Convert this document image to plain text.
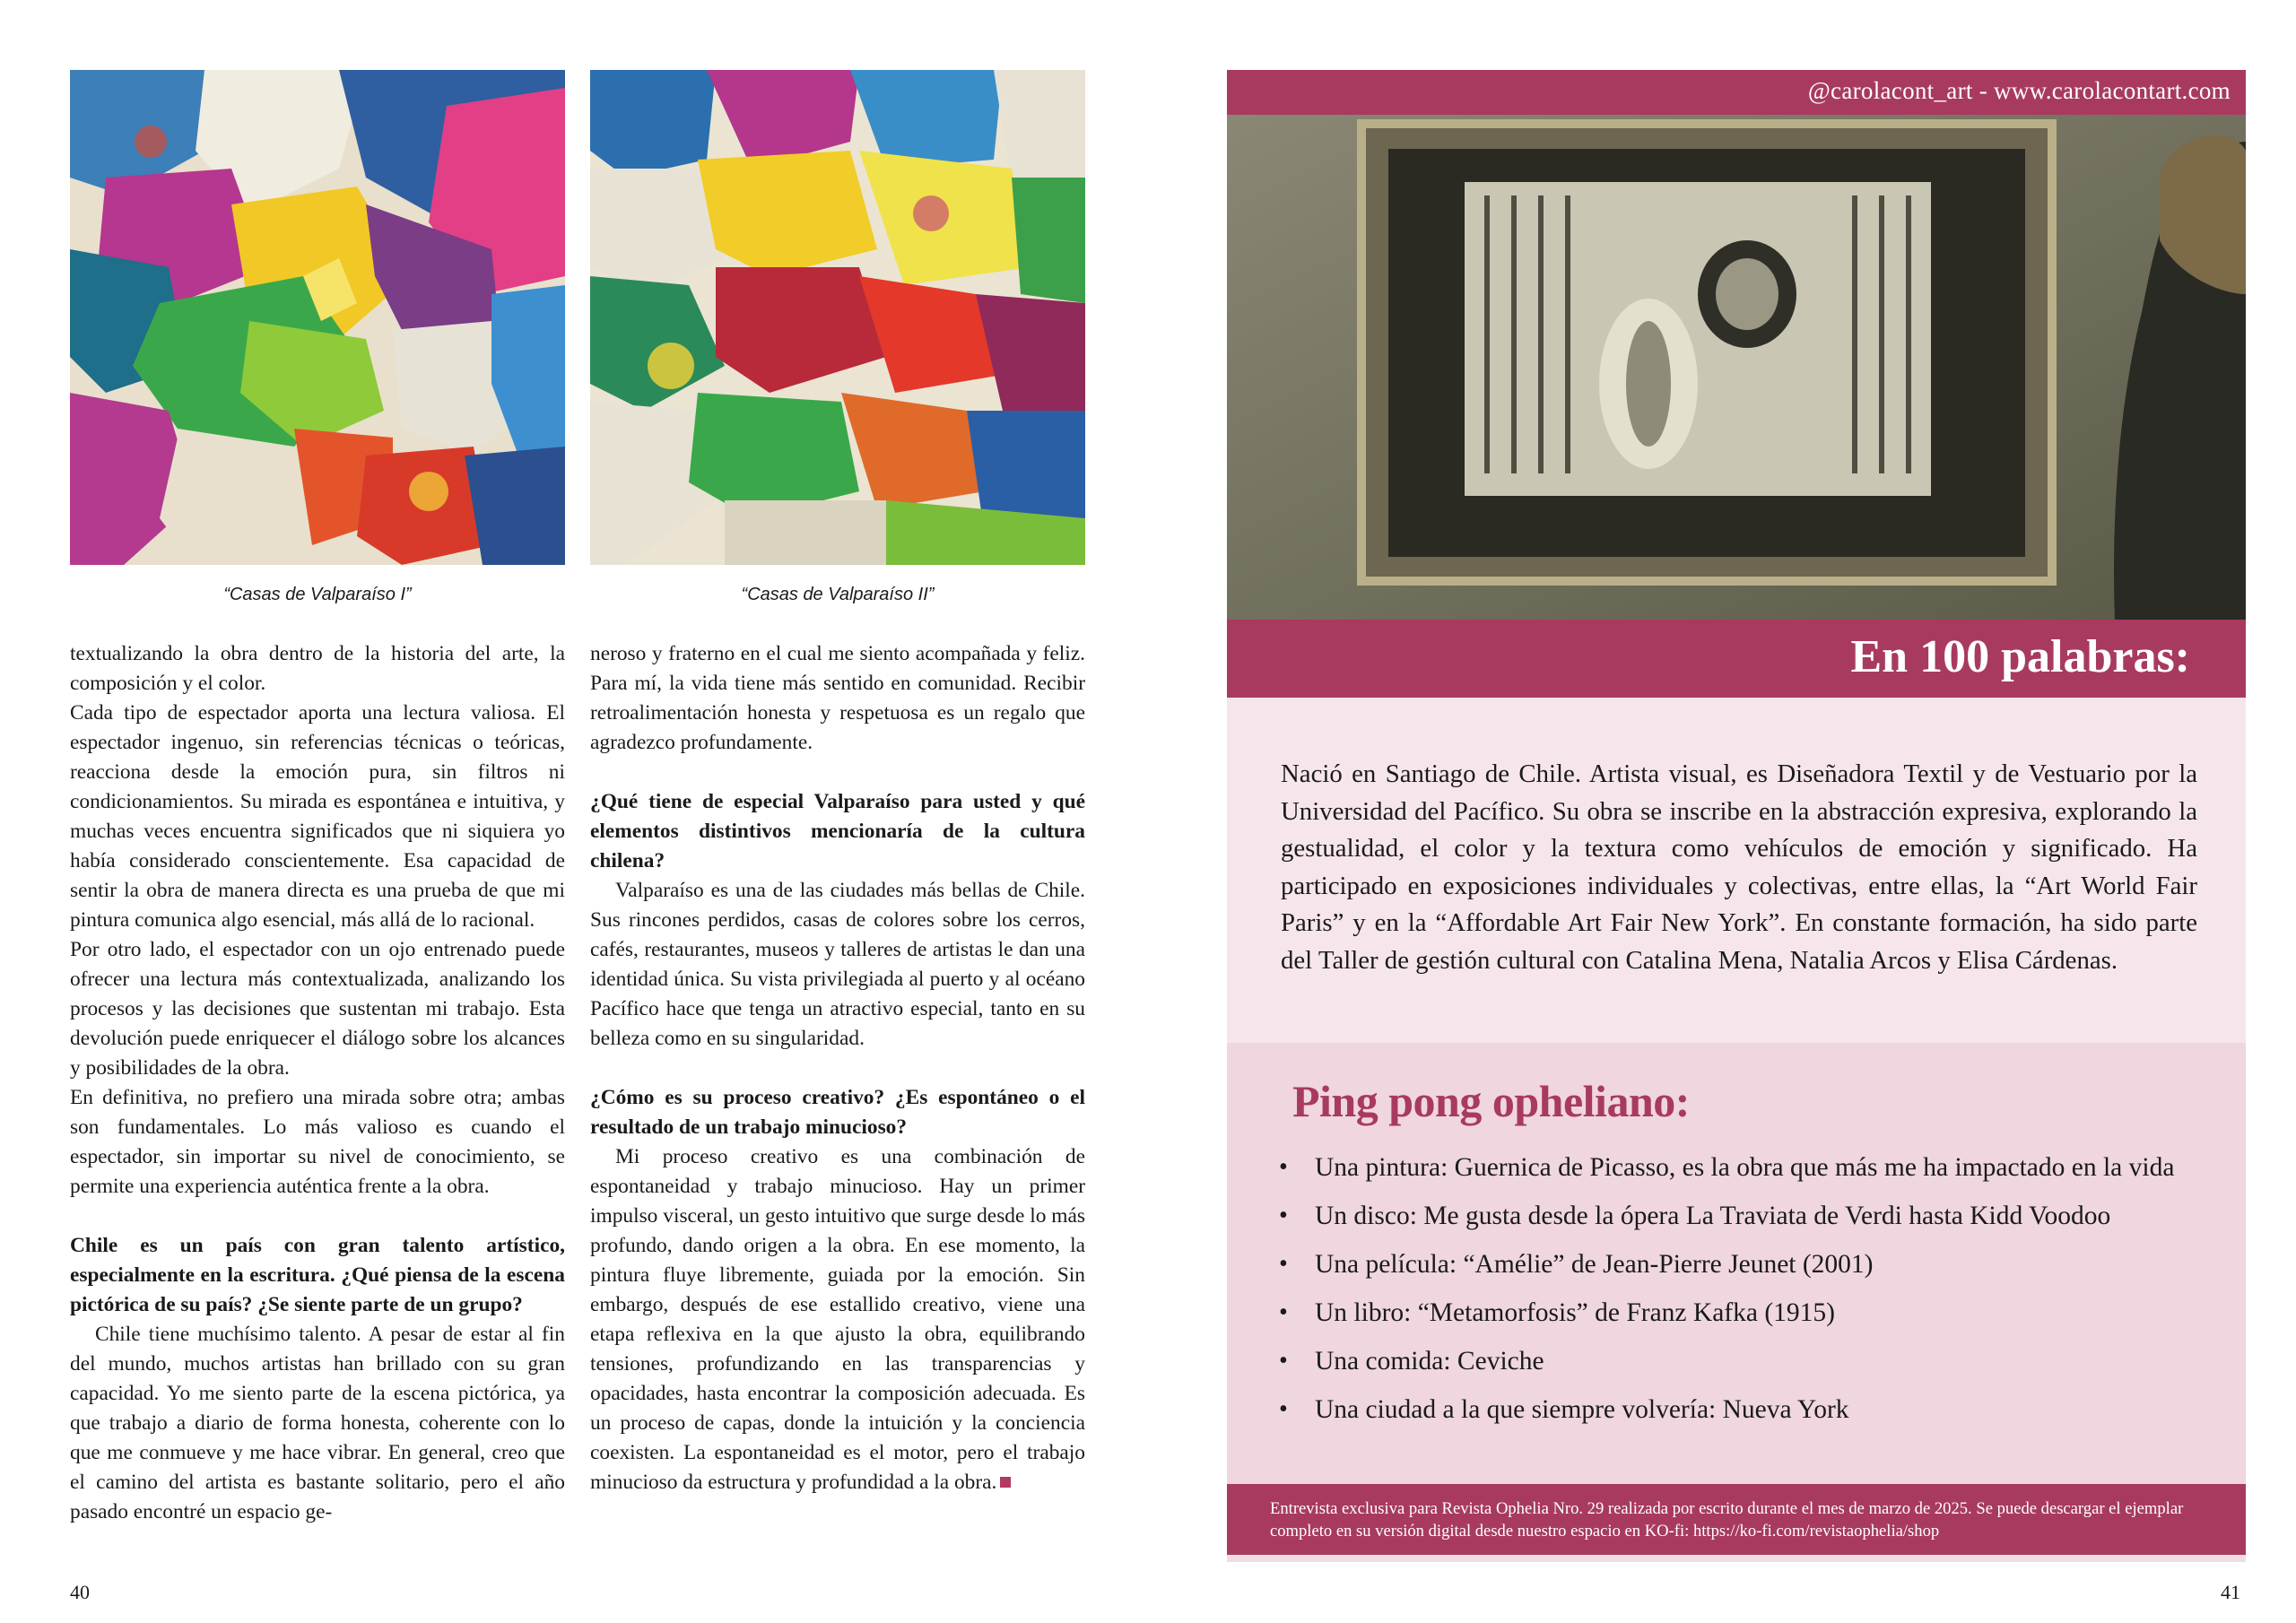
“Casas de Valparaíso I”	“Casas de Valparaíso II”

textualizando la obra dentro de la historia del arte, la composición y el color.

Cada tipo de espectador aporta una lectura valiosa. El espectador ingenuo, sin referencias técnicas o teóricas, reacciona desde la emoción pura, sin filtros ni condicionamientos. Su mirada es espontánea e intuitiva, y muchas veces encuentra significados que ni siquiera yo había considerado conscientemente. Esa capacidad de sentir la obra de manera directa es una prueba de que mi pintura comunica algo esencial, más allá de lo racional.

Por otro lado, el espectador con un ojo entrenado puede ofrecer una lectura más contextualizada, analizando los procesos y las decisiones que sustentan mi trabajo. Esta devolución puede enriquecer el diálogo sobre los alcances y posibilidades de la obra.

En definitiva, no prefiero una mirada sobre otra; ambas son fundamentales. Lo más valioso es cuando el espectador, sin importar su nivel de conocimiento, se permite una experiencia auténtica frente a la obra.

Chile es un país con gran talento artístico, especialmente en la escritura. ¿Qué piensa de la escena pictórica de su país? ¿Se siente parte de un grupo?

Chile tiene muchísimo talento. A pesar de estar al fin del mundo, muchos artistas han brillado con su gran capacidad. Yo me siento parte de la escena pictórica, ya que trabajo a diario de forma honesta, coherente con lo que me conmueve y me hace vibrar. En general, creo que el camino del artista es bastante solitario, pero el año pasado encontré un espacio ge-

neroso y fraterno en el cual me siento acompañada y feliz. Para mí, la vida tiene más sentido en comunidad. Recibir retroalimentación honesta y respetuosa es un regalo que agradezco profundamente.

¿Qué tiene de especial Valparaíso para usted y qué elementos distintivos mencionaría de la cultura chilena?

Valparaíso es una de las ciudades más bellas de Chile. Sus rincones perdidos, casas de colores sobre los cerros, cafés, restaurantes, museos y talleres de artistas le dan una identidad única. Su vista privilegiada al puerto y al océano Pacífico hace que tenga un atractivo especial, tanto en su belleza como en su singularidad.

¿Cómo es su proceso creativo? ¿Es espontáneo o el resultado de un trabajo minucioso?

Mi proceso creativo es una combinación de espontaneidad y trabajo minucioso. Hay un primer impulso visceral, un gesto intuitivo que surge desde lo más profundo, dando origen a la obra. En ese momento, la pintura fluye libremente, guiada por la emoción. Sin embargo, después de ese estallido creativo, viene una etapa reflexiva en la que ajusto la obra, equilibrando tensiones, profundizando en las transparencias y opacidades, hasta encontrar la composición adecuada. Es un proceso de capas, donde la intuición y la conciencia coexisten. La espontaneidad es el motor, pero el trabajo minucioso da estructura y profundidad a la obra.

40
@carolacont_art - www.carolacontart.com
En 100 palabras:

Nació en Santiago de Chile. Artista visual, es Diseñadora Textil y de Vestuario por la Universidad del Pacífico. Su obra se inscribe en la abstracción expresiva, explorando la gestualidad, el color y la textura como vehículos de emoción y significado. Ha participado en exposiciones individuales y colectivas, entre ellas, la “Art World Fair Paris” y en la “Affordable Art Fair New York”. En constante formación, ha sido parte del Taller de gestión cultural con Catalina Mena, Natalia Arcos y Elisa Cárdenas.

Ping pong opheliano:
• Una pintura: Guernica de Picasso, es la obra que más me ha impactado en la vida
• Un disco: Me gusta desde la ópera La Traviata de Verdi hasta Kidd Voodoo
• Una película: “Amélie” de Jean-Pierre Jeunet (2001)
• Un libro: “Metamorfosis” de Franz Kafka (1915)
• Una comida: Ceviche
• Una ciudad a la que siempre volvería: Nueva York

Entrevista exclusiva para Revista Ophelia Nro. 29 realizada por escrito durante el mes de marzo de 2025. Se puede descargar el ejemplar completo en su versión digital desde nuestro espacio en KO-fi: https://ko-fi.com/revistaophelia/shop

41
